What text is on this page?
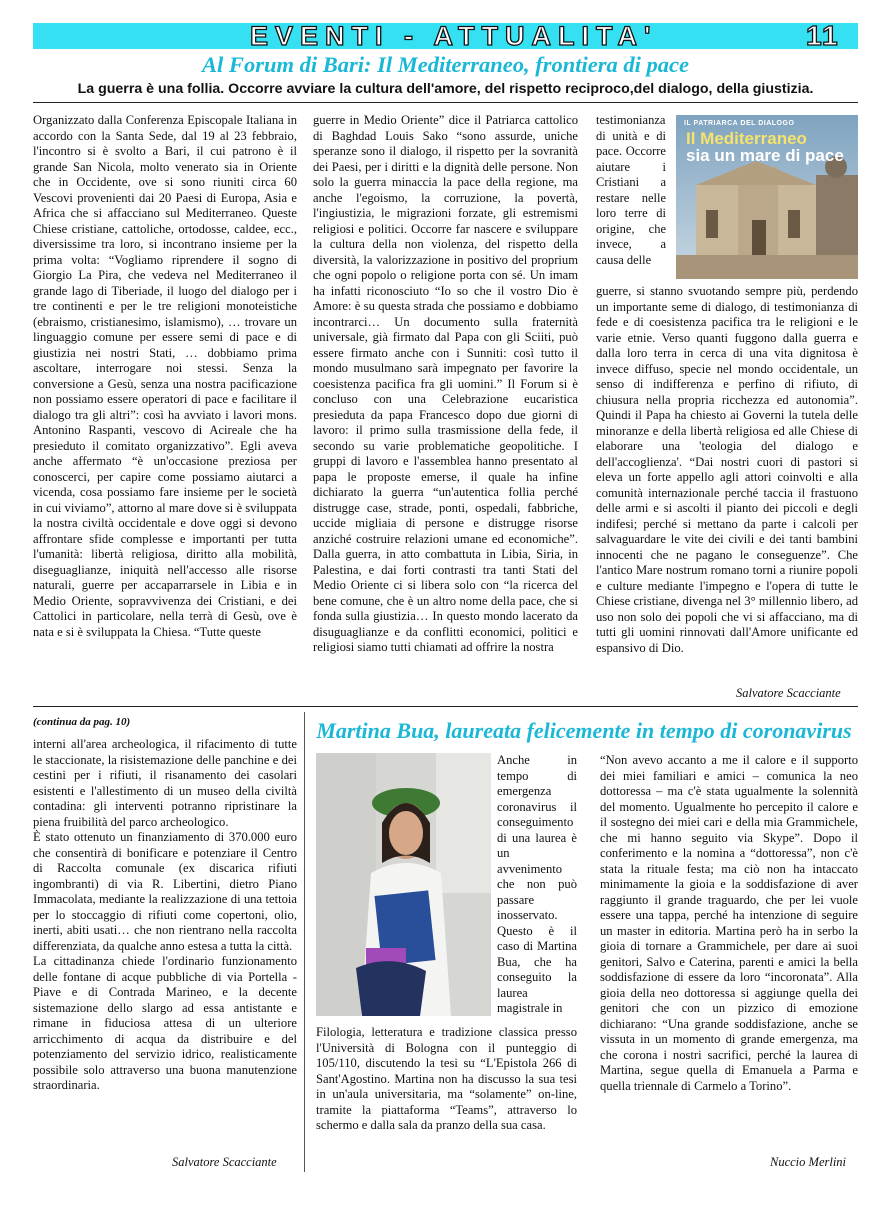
EVENTI - ATTUALITA'	11
Al Forum di Bari: Il Mediterraneo, frontiera di pace
La guerra è una follia. Occorre avviare la cultura dell'amore, del rispetto reciproco,del dialogo, della giustizia.

Organizzato dalla Conferenza Episcopale Italiana in accordo con la Santa Sede, dal 19 al 23 febbraio, l'incontro si è svolto a Bari, il cui patrono è il grande San Nicola, molto venerato sia in Oriente che in Occidente, ove si sono riuniti circa 60 Vescovi provenienti dai 20 Paesi di Europa, Asia e Africa che si affacciano sul Mediterraneo. Queste Chiese cristiane, cattoliche, ortodosse, caldee, ecc., diversissime tra loro, si incontrano insieme per la prima volta: “Vogliamo riprendere il sogno di Giorgio La Pira, che vedeva nel Mediterraneo il grande lago di Tiberiade, il luogo del dialogo per i tre continenti e per le tre religioni monoteistiche (ebraismo, cristianesimo, islamismo), … trovare un linguaggio comune per essere semi di pace e di giustizia nei nostri Stati, … dobbiamo prima ascoltare, interrogare noi stessi. Senza la conversione a Gesù, senza una nostra pacificazione non possiamo essere operatori di pace e facilitare il dialogo tra gli altri”: così ha avviato i lavori mons. Antonino Raspanti, vescovo di Acireale che ha presieduto il comitato organizzativo”. Egli aveva anche affermato “è un'occasione preziosa per conoscerci, per capire come possiamo aiutarci a vicenda, cosa possiamo fare insieme per le società in cui viviamo”, attorno al mare dove si è sviluppata la nostra civiltà occidentale e dove oggi si devono affrontare sfide complesse e importanti per tutta l'umanità: libertà religiosa, diritto alla mobilità, diseguaglianze, iniquità nell'accesso alle risorse naturali, guerre per accaparrarsele in Libia e in Medio Oriente, sopravvivenza dei Cristiani, e dei Cattolici in particolare, nella terrà di Gesù, ove è nata e si è sviluppata la Chiesa. “Tutte queste

guerre in Medio Oriente” dice il Patriarca cattolico di Baghdad Louis Sako “sono assurde, uniche speranze sono il dialogo, il rispetto per la sovranità dei Paesi, per i diritti e la dignità delle persone. Non solo la guerra minaccia la pace della regione, ma anche l'egoismo, la corruzione, la povertà, l'ingiustizia, le migrazioni forzate, gli estremismi religiosi e politici. Occorre far nascere e sviluppare la cultura della non violenza, del rispetto della diversità, la valorizzazione in positivo del proprium che ogni popolo o religione porta con sé. Un imam ha infatti riconosciuto “Io so che il vostro Dio è Amore: è su questa strada che possiamo e dobbiamo incontrarci… Un documento sulla fraternità universale, già firmato dal Papa con gli Sciiti, può essere firmato anche con i Sunniti: così tutto il mondo musulmano sarà impegnato per favorire la coesistenza pacifica fra gli uomini.” Il Forum si è concluso con una Celebrazione eucaristica presieduta da papa Francesco dopo due giorni di lavoro: il primo sulla trasmissione della fede, il secondo su varie problematiche geopolitiche. I gruppi di lavoro e l'assemblea hanno presentato al papa le proposte emerse, il quale ha infine dichiarato la guerra “un'autentica follia perché distrugge case, strade, ponti, ospedali, fabbriche, uccide migliaia di persone e distrugge risorse anziché costruire relazioni umane ed economiche”. Dalla guerra, in atto combattuta in Libia, Siria, in Palestina, e dai forti contrasti tra tanti Stati del Medio Oriente ci si libera solo con “la ricerca del bene comune, che è un altro nome della pace, che si fonda sulla giustizia… In questo mondo lacerato da disuguaglianze e da conflitti economici, politici e religiosi siamo tutti chiamati ad offrire la nostra

testimonianza di unità e di pace. Occorre aiutare i Cristiani a restare nelle loro terre di origine, che invece, a causa delle

IL PATRIARCA DEL DIALOGO
Il Mediterraneo
sia un mare di pace

guerre, si stanno svuotando sempre più, perdendo un importante seme di dialogo, di testimonianza di fede e di coesistenza pacifica tra le religioni e le varie etnie. Verso quanti fuggono dalla guerra e dalla loro terra in cerca di una vita dignitosa è invece diffuso, specie nel mondo occidentale, un senso di indifferenza e perfino di rifiuto, di chiusura nella propria ricchezza ed autonomia”. Quindi il Papa ha chiesto ai Governi la tutela delle minoranze e della libertà religiosa ed alle Chiese di elaborare una 'teologia del dialogo e dell'accoglienza'. “Dai nostri cuori di pastori si eleva un forte appello agli attori coinvolti e alla comunità internazionale perché taccia il frastuono delle armi e si ascolti il pianto dei piccoli e degli indifesi; perché si mettano da parte i calcoli per salvaguardare le vite dei civili e dei tanti bambini innocenti che ne pagano le conseguenze”. Che l'antico Mare nostrum romano torni a riunire popoli e culture mediante l'impegno e l'opera di tutte le Chiese cristiane, divenga nel 3° millennio libero, ad uso non solo dei popoli che vi si affacciano, ma di tutti gli uomini rinnovati dall'Amore unificante ed espansivo di Dio.

Salvatore Scacciante
(continua da pag. 10)

interni all'area archeologica, il rifacimento di tutte le staccionate, la risistemazione delle panchine e dei cestini per i rifiuti, il risanamento dei casolari esistenti e l'allestimento di un museo della civiltà contadina: gli interventi potranno ripristinare la piena fruibilità del parco archeologico.

È stato ottenuto un finanziamento di 370.000 euro che consentirà di bonificare e potenziare il Centro di Raccolta comunale (ex discarica rifiuti ingombranti) di via R. Libertini, dietro Piano Immacolata, mediante la realizzazione di una tettoia per lo stoccaggio di rifiuti come copertoni, olio, inerti, abiti usati… che non rientrano nella raccolta differenziata, da qualche anno estesa a tutta la città.

La cittadinanza chiede l'ordinario funzionamento delle fontane di acque pubbliche di via Portella - Piave e di Contrada Marineo, e la decente sistemazione dello slargo ad essa antistante e rimane in fiduciosa attesa di un ulteriore arricchimento di acqua da distribuire e del potenziamento del servizio idrico, realisticamente possibile solo attraverso una buona manutenzione straordinaria.

Salvatore Scacciante
Martina Bua, laureata felicemente in tempo di coronavirus

Anche in tempo di emergenza coronavirus il conseguimento di una laurea è un avvenimento che non può passare inosservato. Questo è il caso di Martina Bua, che ha conseguito la laurea magistrale in

Filologia, letteratura e tradizione classica presso l'Università di Bologna con il punteggio di 105/110, discutendo la tesi su “L'Epistola 266 di Sant'Agostino. Martina non ha discusso la sua tesi in un'aula universitaria, ma “solamente” on-line, tramite la piattaforma “Teams”, attraverso lo schermo e dalla sala da pranzo della sua casa.

“Non avevo accanto a me il calore e il supporto dei miei familiari e amici – comunica la neo dottoressa – ma c'è stata ugualmente la solennità del momento. Ugualmente ho percepito il calore e il sostegno dei miei cari e della mia Grammichele, che mi hanno seguito via Skype”. Dopo il conferimento e la nomina a “dottoressa”, non c'è stata la rituale festa; ma ciò non ha intaccato minimamente la gioia e la soddisfazione di aver raggiunto il grande traguardo, che per lei vuole essere una tappa, perché ha intenzione di seguire un master in editoria. Martina però ha in serbo la gioia di tornare a Grammichele, per dare ai suoi genitori, Salvo e Caterina, parenti e amici la bella soddisfazione di essere da loro “incoronata”. Alla gioia della neo dottoressa si aggiunge quella dei genitori che con un pizzico di emozione dichiarano: “Una grande soddisfazione, anche se vissuta in un momento di grande emergenza, ma che corona i nostri sacrifici, perché la laurea di Martina, segue quella di Emanuela a Parma e quella triennale di Carmelo a Torino”.

Nuccio Merlini
